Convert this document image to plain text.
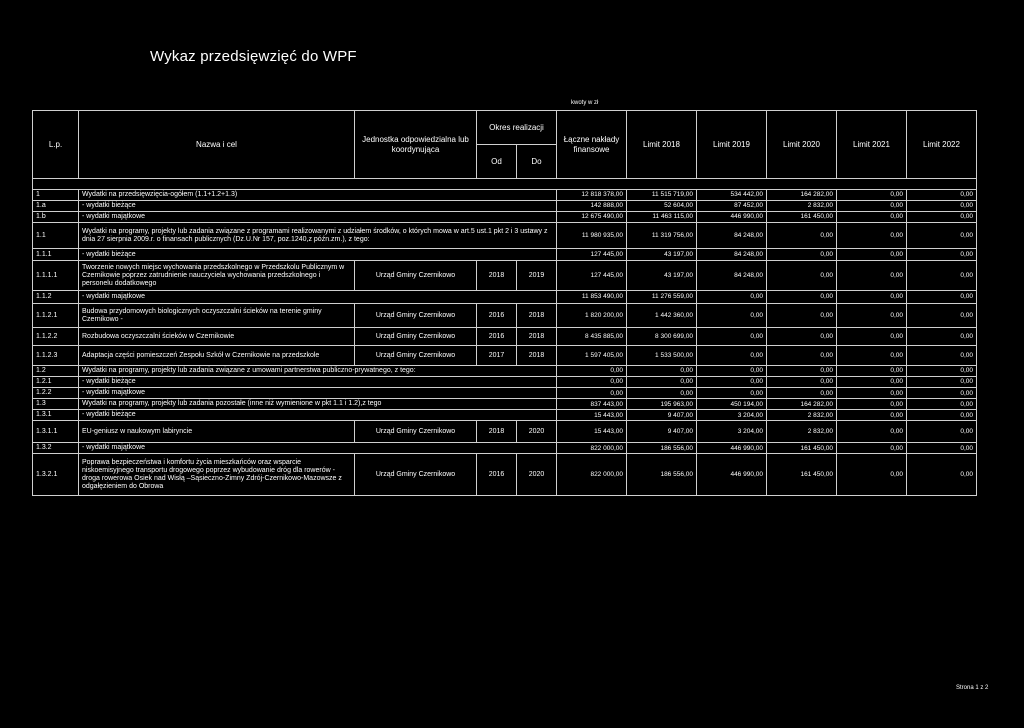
Wykaz przedsięwzięć do WPF
kwoty w zł
L.p.	Nazwa i cel	Jednostka odpowiedzialna lub koordynująca	Okres realizacji		Łączne nakłady finansowe	Limit 2018	Limit 2019	Limit 2020	Limit 2021	Limit 2022
			Od	Do						

1	Wydatki na przedsięwzięcia-ogółem (1.1+1.2+1.3)				12 818 378,00	11 515 719,00	534 442,00	164 282,00	0,00	0,00
1.a	- wydatki bieżące				142 888,00	52 604,00	87 452,00	2 832,00	0,00	0,00
1.b	- wydatki majątkowe				12 675 490,00	11 463 115,00	446 990,00	161 450,00	0,00	0,00
1.1	Wydatki na programy, projekty lub zadania związane z programami realizowanymi z udziałem środków, o których mowa w art.5 ust.1 pkt 2 i 3 ustawy z dnia 27 sierpnia 2009.r. o finansach publicznych (Dz.U.Nr 157, poz.1240,z późn.zm.), z tego:				11 980 935,00	11 319 756,00	84 248,00	0,00	0,00	0,00
1.1.1	- wydatki bieżące				127 445,00	43 197,00	84 248,00	0,00	0,00	0,00
1.1.1.1	Tworzenie nowych miejsc wychowania przedszkolnego w Przedszkolu Publicznym w Czernikowie poprzez zatrudnienie nauczyciela wychowania przedszkolnego i personelu dodatkowego	Urząd Gminy Czernikowo	2018	2019	127 445,00	43 197,00	84 248,00	0,00	0,00	0,00
1.1.2	- wydatki majątkowe				11 853 490,00	11 276 559,00	0,00	0,00	0,00	0,00
1.1.2.1	Budowa przydomowych biologicznych oczyszczalni ścieków na terenie gminy Czernikowo -	Urząd Gminy Czernikowo	2016	2018	1 820 200,00	1 442 360,00	0,00	0,00	0,00	0,00
1.1.2.2	Rozbudowa oczyszczalni ścieków w Czernikowie	Urząd Gminy Czernikowo	2016	2018	8 435 885,00	8 300 699,00	0,00	0,00	0,00	0,00
1.1.2.3	Adaptacja części pomieszczeń Zespołu Szkół w Czernikowie na przedszkole	Urząd Gminy Czernikowo	2017	2018	1 597 405,00	1 533 500,00	0,00	0,00	0,00	0,00
1.2	Wydatki na programy, projekty lub zadania związane z umowami partnerstwa publiczno-prywatnego, z tego:				0,00	0,00	0,00	0,00	0,00	0,00
1.2.1	- wydatki bieżące				0,00	0,00	0,00	0,00	0,00	0,00
1.2.2	- wydatki majątkowe				0,00	0,00	0,00	0,00	0,00	0,00
1.3	Wydatki na programy, projekty lub zadania pozostałe (inne niż wymienione w pkt 1.1 i 1.2),z tego				837 443,00	195 963,00	450 194,00	164 282,00	0,00	0,00
1.3.1	- wydatki bieżące				15 443,00	9 407,00	3 204,00	2 832,00	0,00	0,00
1.3.1.1	EU-geniusz w naukowym labiryncie	Urząd Gminy Czernikowo	2018	2020	15 443,00	9 407,00	3 204,00	2 832,00	0,00	0,00
1.3.2	- wydatki majątkowe				822 000,00	186 556,00	446 990,00	161 450,00	0,00	0,00
1.3.2.1	Poprawa bezpieczeństwa i komfortu życia mieszkańców oraz wsparcie niskoemisyjnego transportu drogowego poprzez wybudowanie dróg dla rowerów - droga rowerowa Osiek nad Wisłą –Sąsieczno-Zimny Zdrój-Czernikowo-Mazowsze z odgałęzieniem do Obrowa	Urząd Gminy Czernikowo	2016	2020	822 000,00	186 556,00	446 990,00	161 450,00	0,00	0,00
Strona 1 z 2
